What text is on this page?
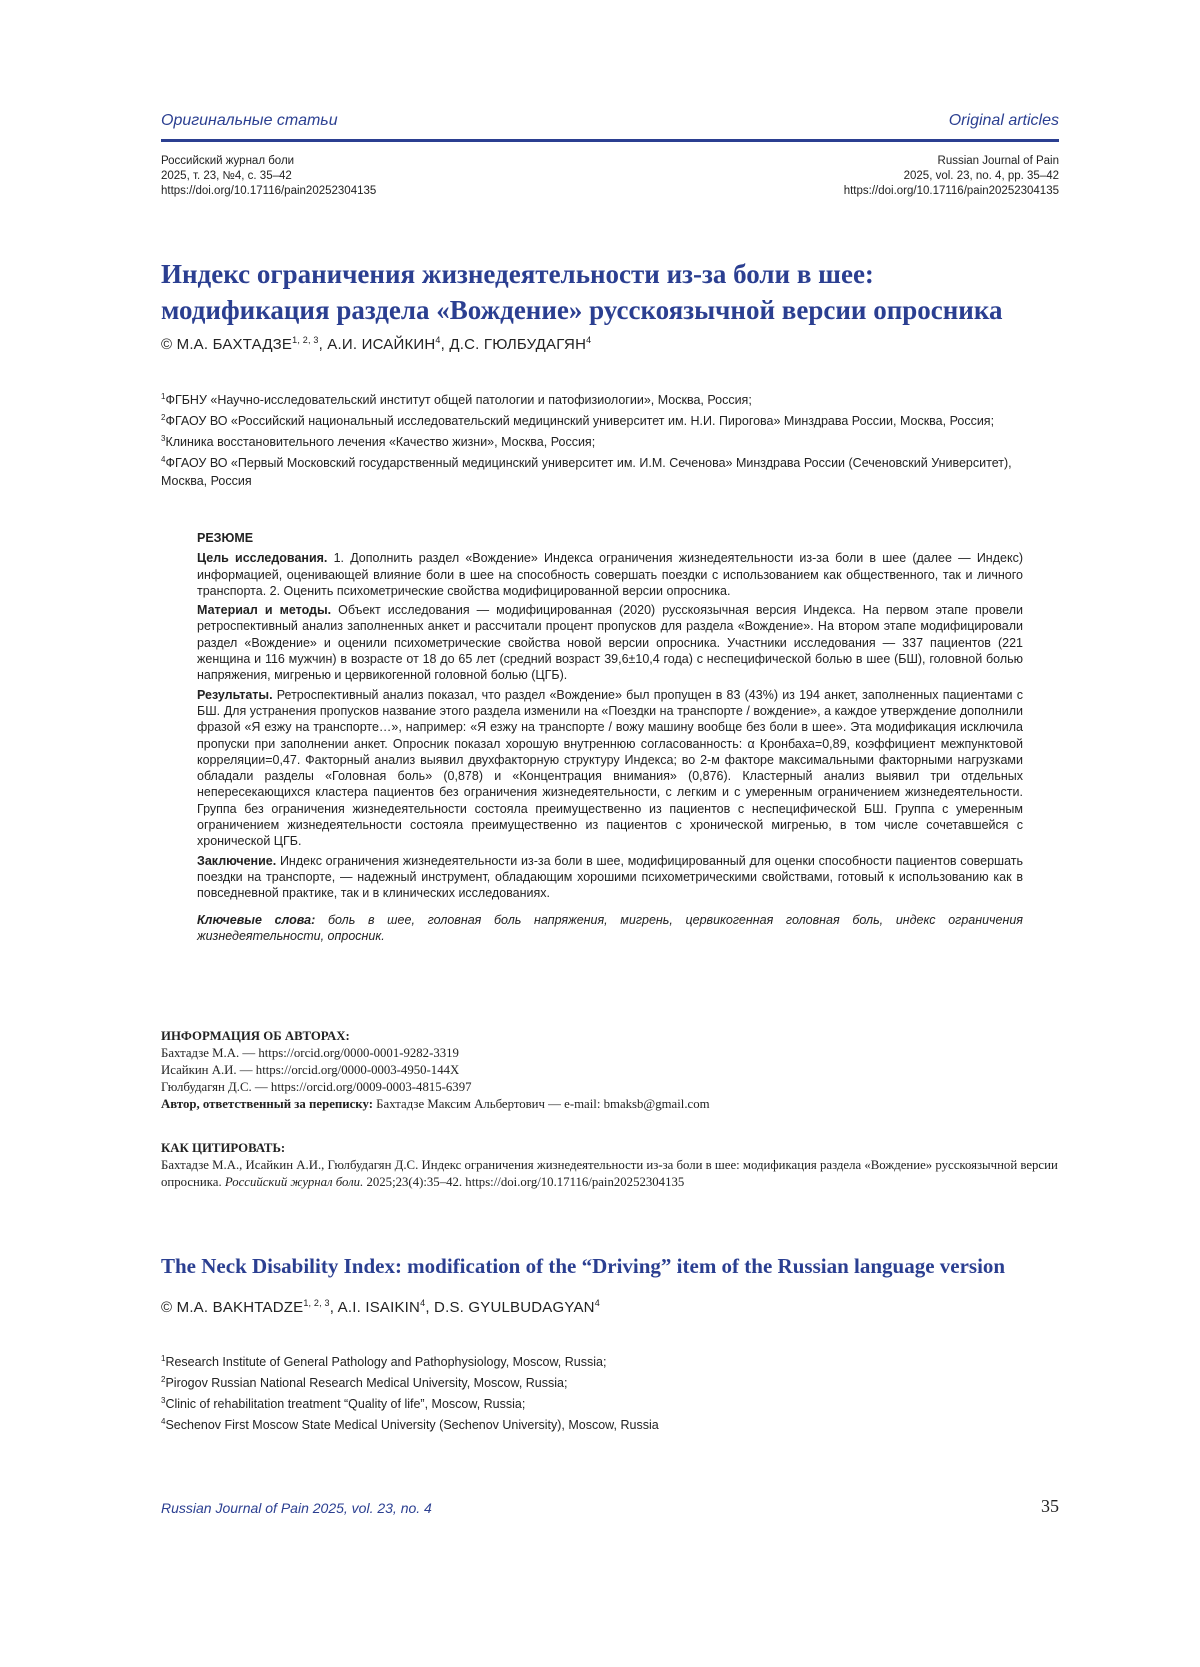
Оригинальные статьи	Original articles
Российский журнал боли
2025, т. 23, №4, с. 35–42
https://doi.org/10.17116/pain20252304135
Russian Journal of Pain
2025, vol. 23, no. 4, pp. 35–42
https://doi.org/10.17116/pain20252304135
Индекс ограничения жизнедеятельности из-за боли в шее:
модификация раздела «Вождение» русскоязычной версии опросника
© М.А. БАХТАДЗЕ$^{1, 2, 3}$, А.И. ИСАЙКИН$^4$, Д.С. ГЮЛБУДАГЯН$^4$
$^1$ФГБНУ «Научно-исследовательский институт общей патологии и патофизиологии», Москва, Россия;
$^2$ФГАОУ ВО «Российский национальный исследовательский медицинский университет им. Н.И. Пирогова» Минздрава России, Москва, Россия;
$^3$Клиника восстановительного лечения «Качество жизни», Москва, Россия;
$^4$ФГАОУ ВО «Первый Московский государственный медицинский университет им. И.М. Сеченова» Минздрава России (Сеченовский Университет), Москва, Россия
РЕЗЮМЕ

Цель исследования. 1. Дополнить раздел «Вождение» Индекса ограничения жизнедеятельности из-за боли в шее (далее — Индекс) информацией, оценивающей влияние боли в шее на способность совершать поездки с использованием как общественного, так и личного транспорта. 2. Оценить психометрические свойства модифицированной версии опросника.

Материал и методы. Объект исследования — модифицированная (2020) русскоязычная версия Индекса. На первом этапе провели ретроспективный анализ заполненных анкет и рассчитали процент пропусков для раздела «Вождение». На втором этапе модифицировали раздел «Вождение» и оценили психометрические свойства новой версии опросника. Участники исследования — 337 пациентов (221 женщина и 116 мужчин) в возрасте от 18 до 65 лет (средний возраст 39,6±10,4 года) с неспецифической болью в шее (БШ), головной болью напряжения, мигренью и цервикогенной головной болью (ЦГБ).

Результаты. Ретроспективный анализ показал, что раздел «Вождение» был пропущен в 83 (43%) из 194 анкет, заполненных пациентами с БШ. Для устранения пропусков название этого раздела изменили на «Поездки на транспорте / вождение», а каждое утверждение дополнили фразой «Я езжу на транспорте…», например: «Я езжу на транспорте / вожу машину вообще без боли в шее». Эта модификация исключила пропуски при заполнении анкет. Опросник показал хорошую внутреннюю согласованность: α Кронбаха=0,89, коэффициент межпунктовой корреляции=0,47. Факторный анализ выявил двухфакторную структуру Индекса; во 2-м факторе максимальными факторными нагрузками обладали разделы «Головная боль» (0,878) и «Концентрация внимания» (0,876). Кластерный анализ выявил три отдельных непересекающихся кластера пациентов без ограничения жизнедеятельности, с легким и с умеренным ограничением жизнедеятельности. Группа без ограничения жизнедеятельности состояла преимущественно из пациентов с неспецифической БШ. Группа с умеренным ограничением жизнедеятельности состояла преимущественно из пациентов с хронической мигренью, в том числе сочетавшейся с хронической ЦГБ.

Заключение. Индекс ограничения жизнедеятельности из-за боли в шее, модифицированный для оценки способности пациентов совершать поездки на транспорте, — надежный инструмент, обладающим хорошими психометрическими свойствами, готовый к использованию как в повседневной практике, так и в клинических исследованиях.

Ключевые слова: боль в шее, головная боль напряжения, мигрень, цервикогенная головная боль, индекс ограничения жизнедеятельности, опросник.

ИНФОРМАЦИЯ ОБ АВТОРАХ:
Бахтадзе М.А. — https://orcid.org/0000-0001-9282-3319
Исайкин А.И. — https://orcid.org/0000-0003-4950-144X
Гюлбудагян Д.С. — https://orcid.org/0009-0003-4815-6397
Автор, ответственный за переписку: Бахтадзе Максим Альбертович — e-mail: bmaksb@gmail.com
КАК ЦИТИРОВАТЬ:
Бахтадзе М.А., Исайкин А.И., Гюлбудагян Д.С. Индекс ограничения жизнедеятельности из-за боли в шее: модификация раздела «Вождение» русскоязычной версии опросника. Российский журнал боли. 2025;23(4):35–42. https://doi.org/10.17116/pain20252304135
The Neck Disability Index: modification of the “Driving” item of the Russian language version
© M.A. BAKHTADZE$^{1, 2, 3}$, A.I. ISAIKIN$^4$, D.S. GYULBUDAGYAN$^4$
$^1$Research Institute of General Pathology and Pathophysiology, Moscow, Russia;
$^2$Pirogov Russian National Research Medical University, Moscow, Russia;
$^3$Clinic of rehabilitation treatment “Quality of life”, Moscow, Russia;
$^4$Sechenov First Moscow State Medical University (Sechenov University), Moscow, Russia
Russian Journal of Pain 2025, vol. 23, no. 4	35
